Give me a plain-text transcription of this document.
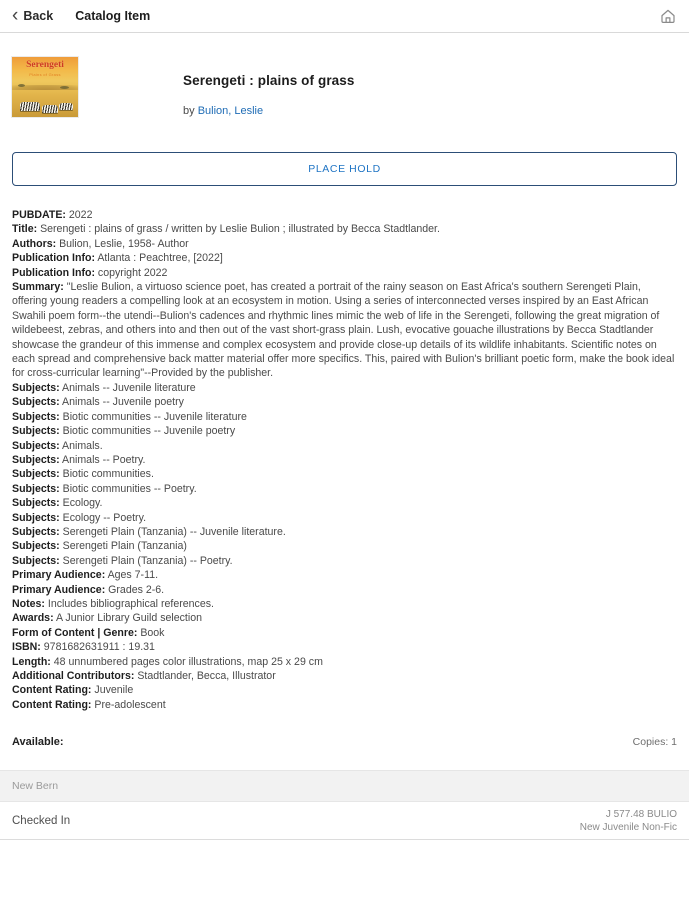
‹ Back Catalog Item
Serengeti
Plains of Grass	Serengeti : plains of grass
by Bulion, Leslie
PLACE HOLD
PUBDATE: 2022
Title: Serengeti : plains of grass / written by Leslie Bulion ; illustrated by Becca Stadtlander.
Authors: Bulion, Leslie, 1958- Author
Publication Info: Atlanta : Peachtree, [2022]
Publication Info: copyright 2022
Summary: "Leslie Bulion, a virtuoso science poet, has created a portrait of the rainy season on East Africa's southern Serengeti Plain, offering young readers a compelling look at an ecosystem in motion. Using a series of interconnected verses inspired by an East African Swahili poem form--the utendi--Bulion's cadences and rhythmic lines mimic the web of life in the Serengeti, following the great migration of wildebeest, zebras, and others into and then out of the vast short-grass plain. Lush, evocative gouache illustrations by Becca Stadtlander showcase the grandeur of this immense and complex ecosystem and provide close-up details of its wildlife inhabitants. Scientific notes on each spread and comprehensive back matter material offer more specifics. This, paired with Bulion's brilliant poetic form, make the book ideal for cross-curricular learning"--Provided by the publisher.
Subjects: Animals -- Juvenile literature
Subjects: Animals -- Juvenile poetry
Subjects: Biotic communities -- Juvenile literature
Subjects: Biotic communities -- Juvenile poetry
Subjects: Animals.
Subjects: Animals -- Poetry.
Subjects: Biotic communities.
Subjects: Biotic communities -- Poetry.
Subjects: Ecology.
Subjects: Ecology -- Poetry.
Subjects: Serengeti Plain (Tanzania) -- Juvenile literature.
Subjects: Serengeti Plain (Tanzania)
Subjects: Serengeti Plain (Tanzania) -- Poetry.
Primary Audience: Ages 7-11.
Primary Audience: Grades 2-6.
Notes: Includes bibliographical references.
Awards: A Junior Library Guild selection
Form of Content | Genre: Book
ISBN: 9781682631911 : 19.31
Length: 48 unnumbered pages color illustrations, map 25 x 29 cm
Additional Contributors: Stadtlander, Becca, Illustrator
Content Rating: Juvenile
Content Rating: Pre-adolescent
Available:	Copies: 1
New Bern
Checked In
J 577.48 BULIO
New Juvenile Non-Fic
